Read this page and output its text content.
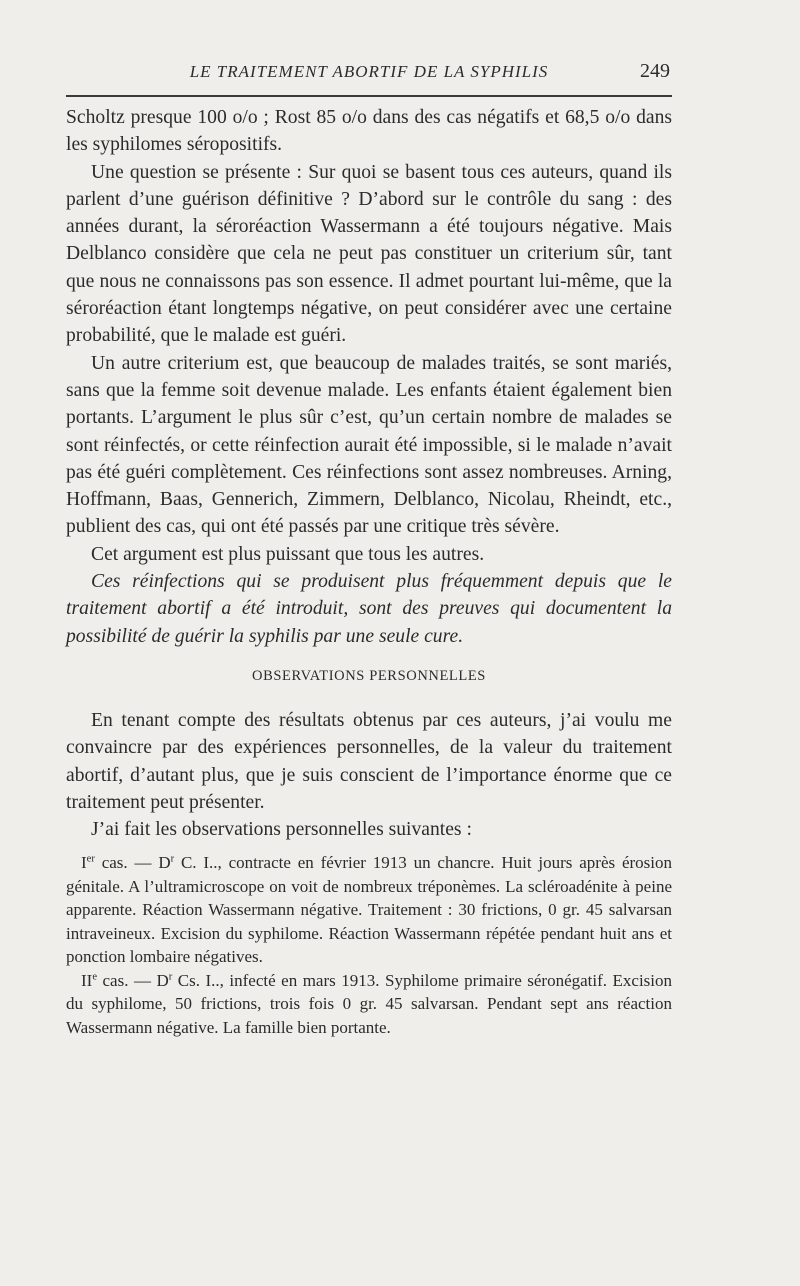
LE TRAITEMENT ABORTIF DE LA SYPHILIS	249

Scholtz presque 100 o/o ; Rost 85 o/o dans des cas négatifs et 68,5 o/o dans les syphilomes séropositifs.

Une question se présente : Sur quoi se basent tous ces auteurs, quand ils parlent d’une guérison définitive ? D’abord sur le contrôle du sang : des années durant, la séroréaction Wassermann a été toujours négative. Mais Delblanco considère que cela ne peut pas constituer un criterium sûr, tant que nous ne connaissons pas son essence. Il admet pourtant lui-même, que la séroréaction étant longtemps négative, on peut considérer avec une certaine probabilité, que le malade est guéri.

Un autre criterium est, que beaucoup de malades traités, se sont mariés, sans que la femme soit devenue malade. Les enfants étaient également bien portants. L’argument le plus sûr c’est, qu’un certain nombre de malades se sont réinfectés, or cette réinfection aurait été impossible, si le malade n’avait pas été guéri complètement. Ces réinfections sont assez nombreuses. Arning, Hoffmann, Baas, Gennerich, Zimmern, Delblanco, Nicolau, Rheindt, etc., publient des cas, qui ont été passés par une critique très sévère.

Cet argument est plus puissant que tous les autres.

Ces réinfections qui se produisent plus fréquemment depuis que le traitement abortif a été introduit, sont des preuves qui documentent la possibilité de guérir la syphilis par une seule cure.

OBSERVATIONS PERSONNELLES

En tenant compte des résultats obtenus par ces auteurs, j’ai voulu me convaincre par des expériences personnelles, de la valeur du traitement abortif, d’autant plus, que je suis conscient de l’importance énorme que ce traitement peut présenter.

J’ai fait les observations personnelles suivantes :

Ier cas. — $D^r$ C. I.., contracte en février 1913 un chancre. Huit jours après érosion génitale. A l’ultramicroscope on voit de nombreux tréponèmes. La scléroadénite à peine apparente. Réaction Wassermann négative. Traitement : 30 frictions, 0 gr. 45 salvarsan intraveineux. Excision du syphilome. Réaction Wassermann répétée pendant huit ans et ponction lombaire négatives.

IIe cas. — $D^r$ Cs. I.., infecté en mars 1913. Syphilome primaire séronégatif. Excision du syphilome, 50 frictions, trois fois 0 gr. 45 salvarsan. Pendant sept ans réaction Wassermann négative. La famille bien portante.
